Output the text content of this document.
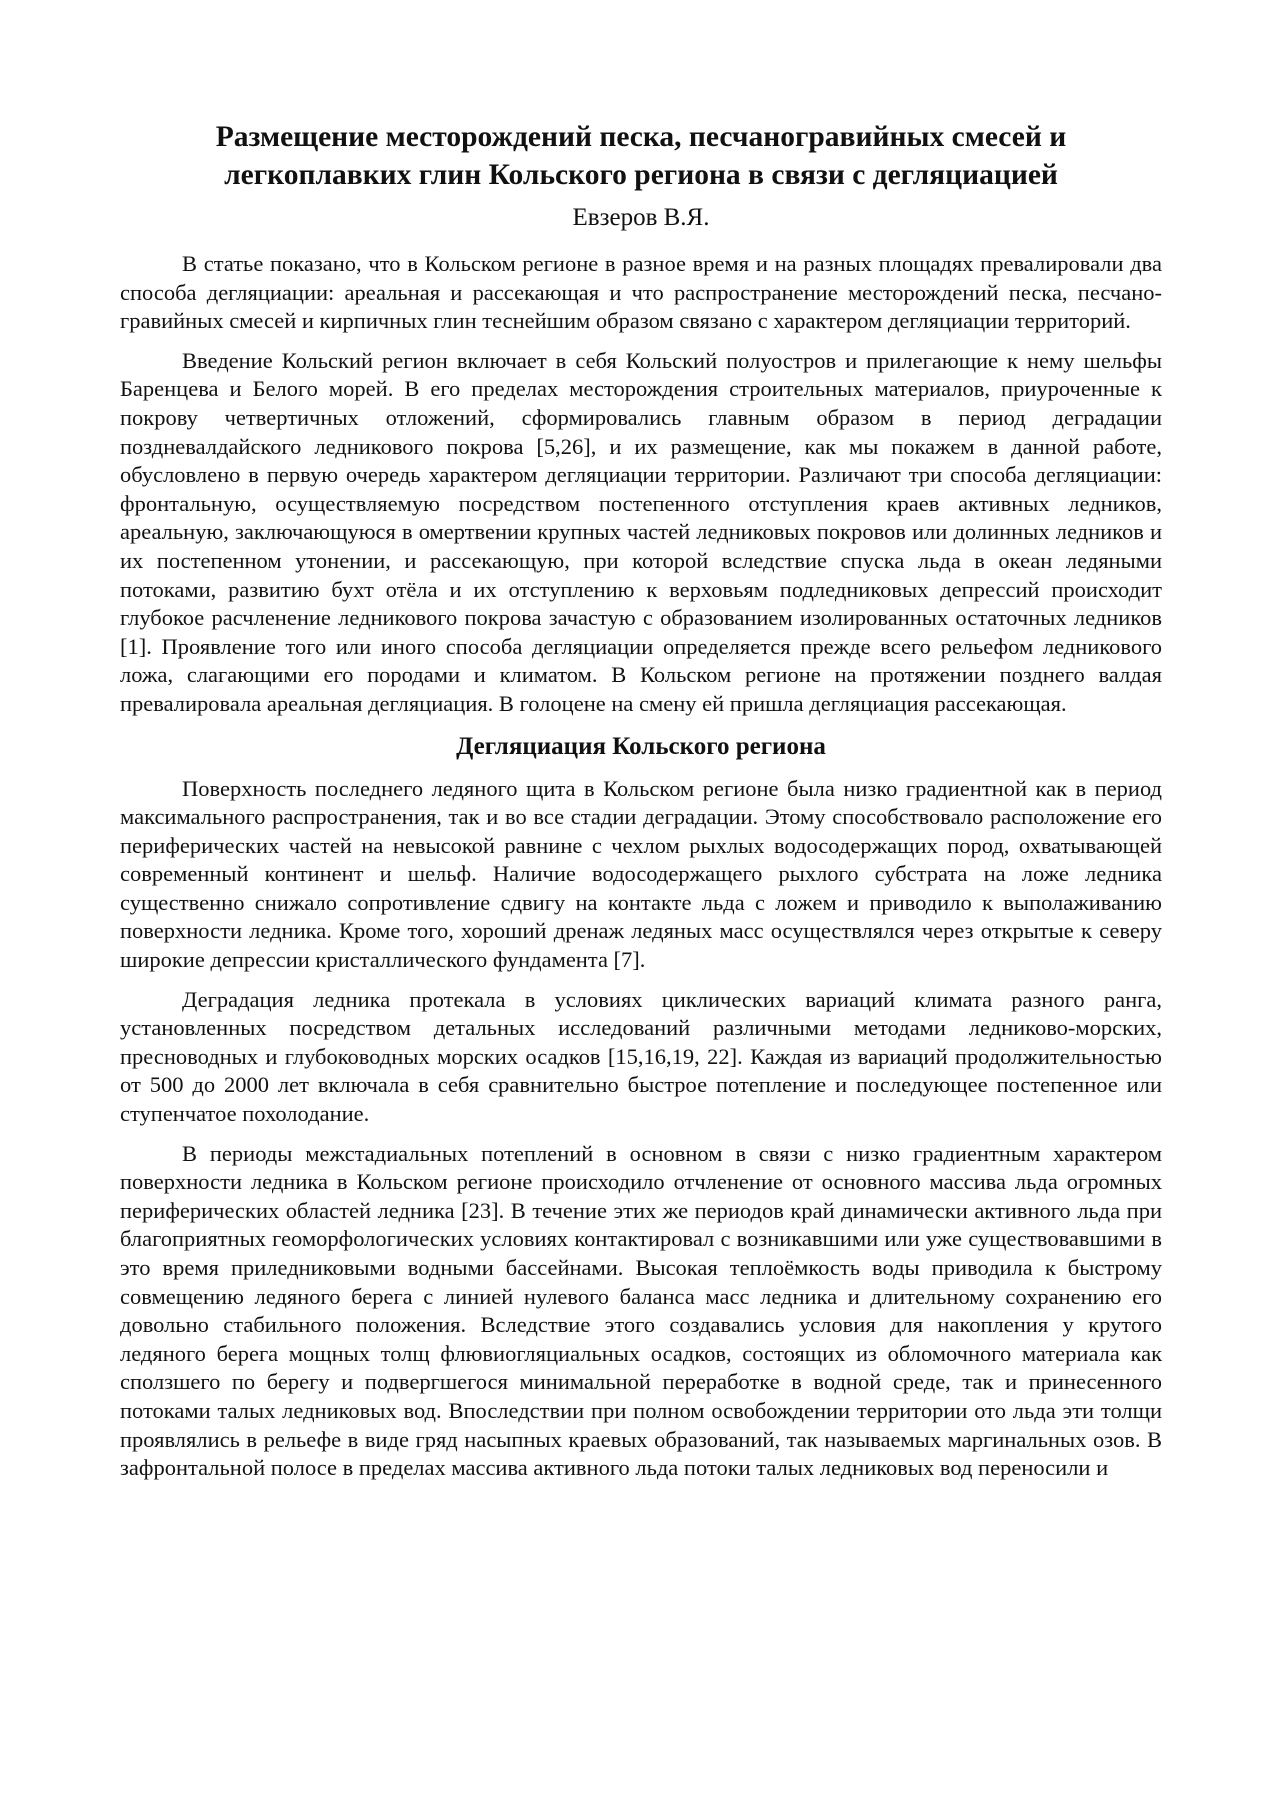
Размещение месторождений песка, песчаногравийных смесей и легкоплавких глин Кольского региона в связи с дегляциацией
Евзеров В.Я.

В статье показано, что в Кольском регионе в разное время и на разных площадях превалировали два способа дегляциации: ареальная и рассекающая и что распространение месторождений песка, песчано-гравийных смесей и кирпичных глин теснейшим образом связано с характером дегляциации территорий.

Введение Кольский регион включает в себя Кольский полуостров и прилегающие к нему шельфы Баренцева и Белого морей. В его пределах месторождения строительных материалов, приуроченные к покрову четвертичных отложений, сформировались главным образом в период деградации поздневалдайского ледникового покрова [5,26], и их размещение, как мы покажем в данной работе, обусловлено в первую очередь характером дегляциации территории. Различают три способа дегляциации: фронтальную, осуществляемую посредством постепенного отступления краев активных ледников, ареальную, заключающуюся в омертвении крупных частей ледниковых покровов или долинных ледников и их постепенном утонении, и рассекающую, при которой вследствие спуска льда в океан ледяными потоками, развитию бухт отёла и их отступлению к верховьям подледниковых депрессий происходит глубокое расчленение ледникового покрова зачастую с образованием изолированных остаточных ледников [1]. Проявление того или иного способа дегляциации определяется прежде всего рельефом ледникового ложа, слагающими его породами и климатом. В Кольском регионе на протяжении позднего валдая превалировала ареальная дегляциация. В голоцене на смену ей пришла дегляциация рассекающая.

Дегляциация Кольского региона

Поверхность последнего ледяного щита в Кольском регионе была низко градиентной как в период максимального распространения, так и во все стадии деградации. Этому способствовало расположение его периферических частей на невысокой равнине с чехлом рыхлых водосодержащих пород, охватывающей современный континент и шельф. Наличие водосодержащего рыхлого субстрата на ложе ледника существенно снижало сопротивление сдвигу на контакте льда с ложем и приводило к выполаживанию поверхности ледника. Кроме того, хороший дренаж ледяных масс осуществлялся через открытые к северу широкие депрессии кристаллического фундамента [7].

Деградация ледника протекала в условиях циклических вариаций климата разного ранга, установленных посредством детальных исследований различными методами ледниково-морских, пресноводных и глубоководных морских осадков [15,16,19, 22]. Каждая из вариаций продолжительностью от 500 до 2000 лет включала в себя сравнительно быстрое потепление и последующее постепенное или ступенчатое похолодание.

В периоды межстадиальных потеплений в основном в связи с низко градиентным характером поверхности ледника в Кольском регионе происходило отчленение от основного массива льда огромных периферических областей ледника [23]. В течение этих же периодов край динамически активного льда при благоприятных геоморфологических условиях контактировал с возникавшими или уже существовавшими в это время приледниковыми водными бассейнами. Высокая теплоёмкость воды приводила к быстрому совмещению ледяного берега с линией нулевого баланса масс ледника и длительному сохранению его довольно стабильного положения. Вследствие этого создавались условия для накопления у крутого ледяного берега мощных толщ флювиогляциальных осадков, состоящих из обломочного материала как сползшего по берегу и подвергшегося минимальной переработке в водной среде, так и принесенного потоками талых ледниковых вод. Впоследствии при полном освобождении территории ото льда эти толщи проявлялись в рельефе в виде гряд насыпных краевых образований, так называемых маргинальных озов. В зафронтальной полосе в пределах массива активного льда потоки талых ледниковых вод переносили и
